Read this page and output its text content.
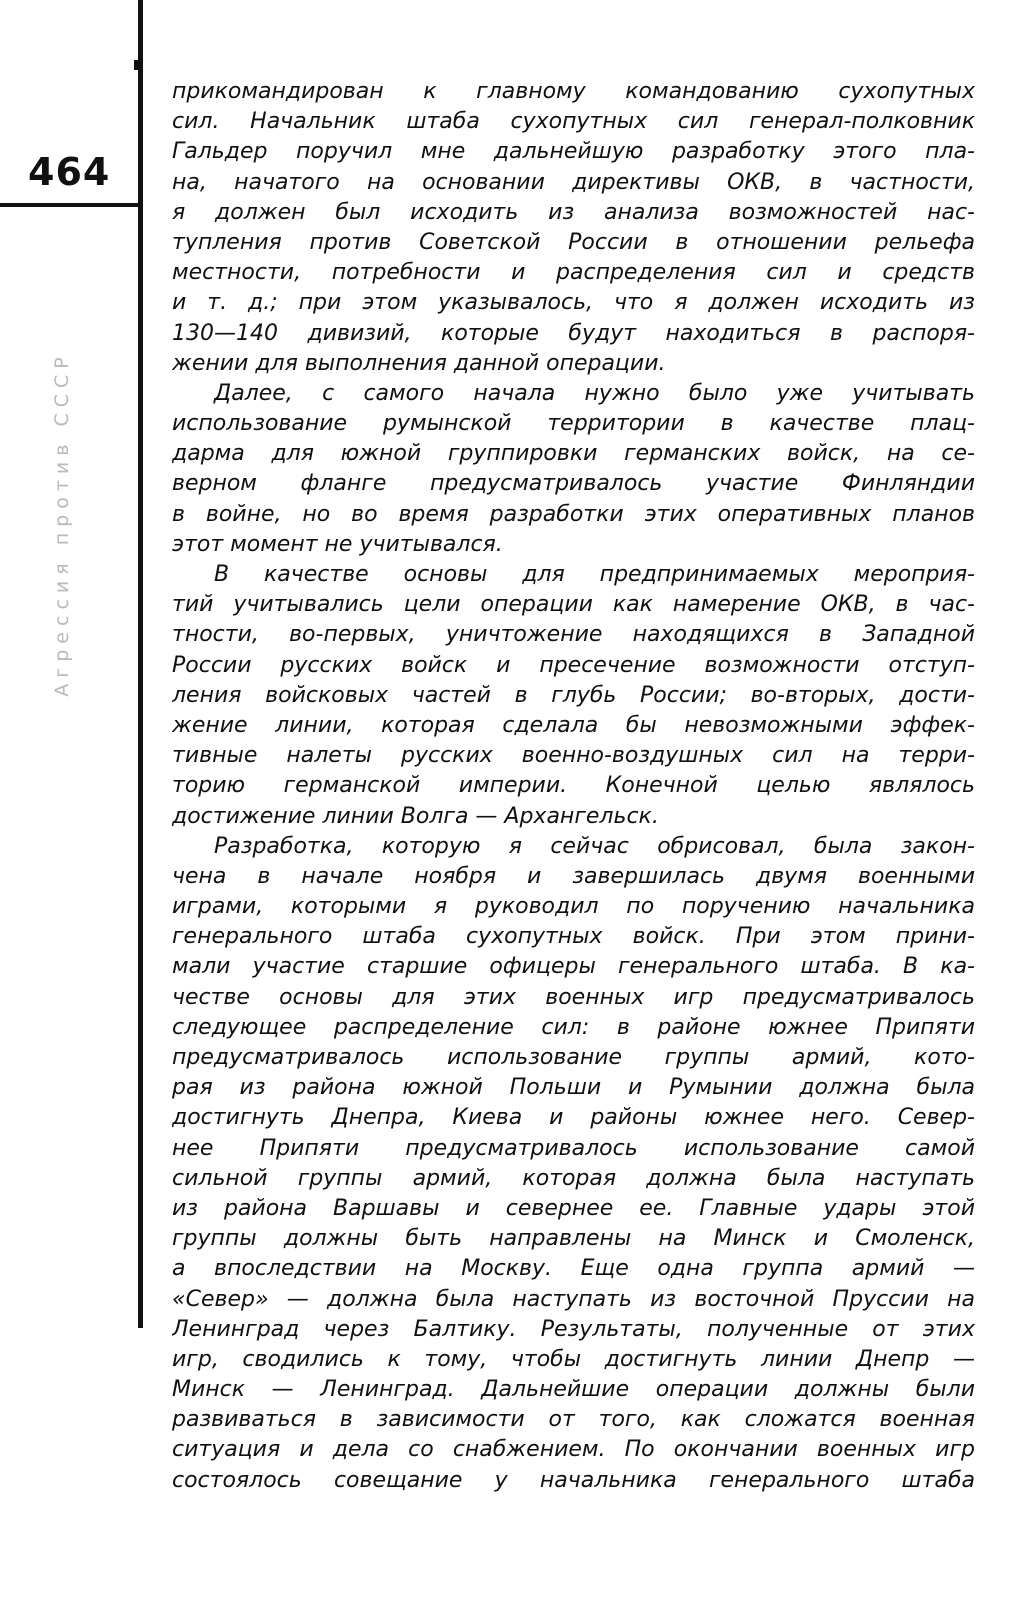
464
Агрессия против СССР
прикомандирован к главному командованию сухопутных
сил. Начальник штаба сухопутных сил генерал-полковник
Гальдер поручил мне дальнейшую разработку этого пла-
на, начатого на основании директивы ОКВ, в частности,
я должен был исходить из анализа возможностей нас-
тупления против Советской России в отношении рельефа
местности, потребности и распределения сил и средств
и т. д.; при этом указывалось, что я должен исходить из
130—140 дивизий, которые будут находиться в распоря-
жении для выполнения данной операции.
Далее, с самого начала нужно было уже учитывать
использование румынской территории в качестве плац-
дарма для южной группировки германских войск, на се-
верном фланге предусматривалось участие Финляндии
в войне, но во время разработки этих оперативных планов
этот момент не учитывался.
В качестве основы для предпринимаемых мероприя-
тий учитывались цели операции как намерение ОКВ, в час-
тности, во-первых, уничтожение находящихся в Западной
России русских войск и пресечение возможности отступ-
ления войсковых частей в глубь России; во-вторых, дости-
жение линии, которая сделала бы невозможными эффек-
тивные налеты русских военно-воздушных сил на терри-
торию германской империи. Конечной целью являлось
достижение линии Волга — Архангельск.
Разработка, которую я сейчас обрисовал, была закон-
чена в начале ноября и завершилась двумя военными
играми, которыми я руководил по поручению начальника
генерального штаба сухопутных войск. При этом прини-
мали участие старшие офицеры генерального штаба. В ка-
честве основы для этих военных игр предусматривалось
следующее распределение сил: в районе южнее Припяти
предусматривалось использование группы армий, кото-
рая из района южной Польши и Румынии должна была
достигнуть Днепра, Киева и районы южнее него. Север-
нее Припяти предусматривалось использование самой
сильной группы армий, которая должна была наступать
из района Варшавы и севернее ее. Главные удары этой
группы должны быть направлены на Минск и Смоленск,
а впоследствии на Москву. Еще одна группа армий —
«Север» — должна была наступать из восточной Пруссии на
Ленинград через Балтику. Результаты, полученные от этих
игр, сводились к тому, чтобы достигнуть линии Днепр —
Минск — Ленинград. Дальнейшие операции должны были
развиваться в зависимости от того, как сложатся военная
ситуация и дела со снабжением. По окончании военных игр
состоялось совещание у начальника генерального штаба
